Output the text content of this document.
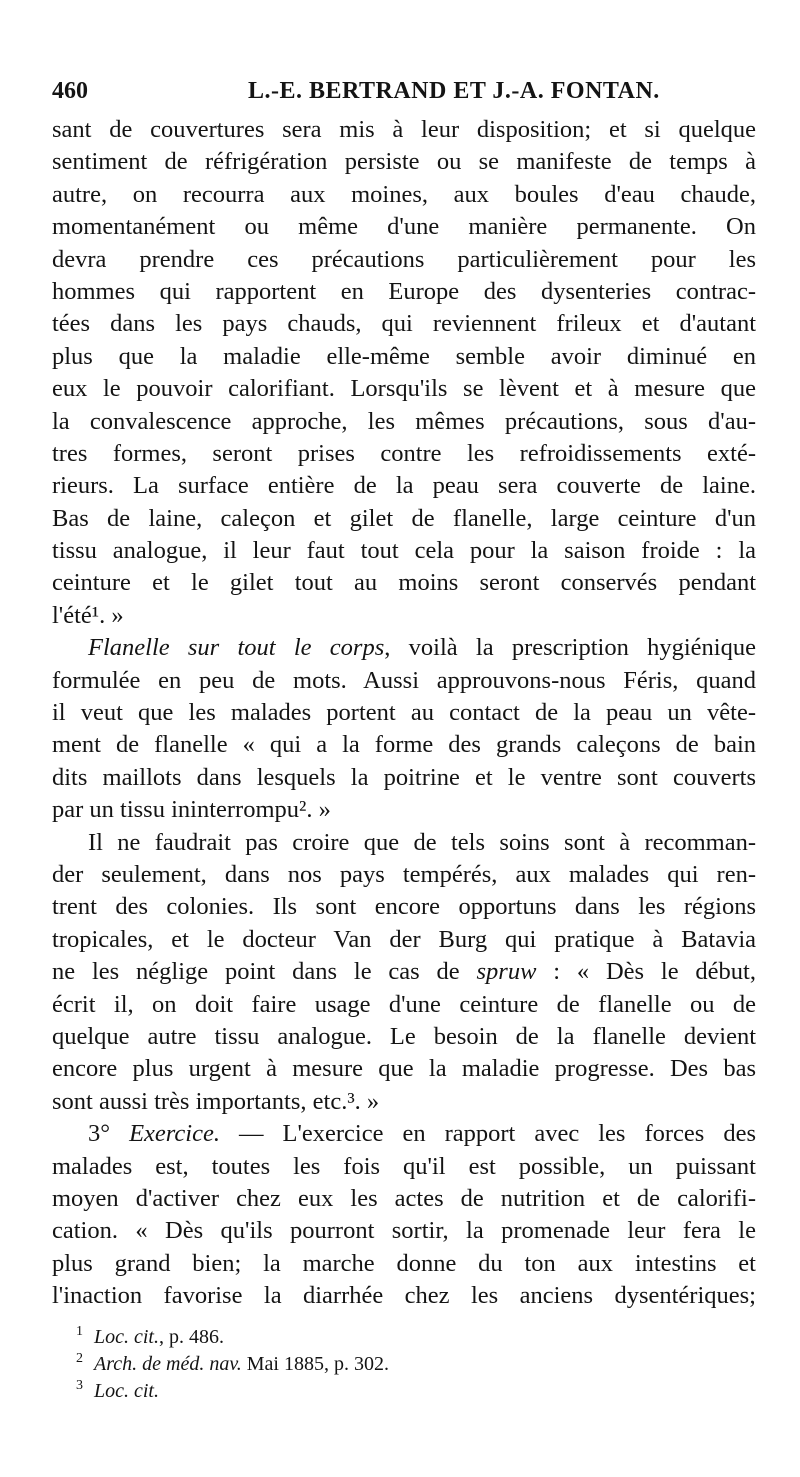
460	L.-E. BERTRAND ET J.-A. FONTAN.
sant de couvertures sera mis à leur disposition; et si quelque
sentiment de réfrigération persiste ou se manifeste de temps à
autre, on recourra aux moines, aux boules d'eau chaude,
momentanément ou même d'une manière permanente. On
devra prendre ces précautions particulièrement pour les
hommes qui rapportent en Europe des dysenteries contrac-
tées dans les pays chauds, qui reviennent frileux et d'autant
plus que la maladie elle-même semble avoir diminué en
eux le pouvoir calorifiant. Lorsqu'ils se lèvent et à mesure que
la convalescence approche, les mêmes précautions, sous d'au-
tres formes, seront prises contre les refroidissements exté-
rieurs. La surface entière de la peau sera couverte de laine.
Bas de laine, caleçon et gilet de flanelle, large ceinture d'un
tissu analogue, il leur faut tout cela pour la saison froide : la
ceinture et le gilet tout au moins seront conservés pendant
l'été¹. »
Flanelle sur tout le corps, voilà la prescription hygiénique
formulée en peu de mots. Aussi approuvons-nous Féris, quand
il veut que les malades portent au contact de la peau un vête-
ment de flanelle « qui a la forme des grands caleçons de bain
dits maillots dans lesquels la poitrine et le ventre sont couverts
par un tissu ininterrompu². »
Il ne faudrait pas croire que de tels soins sont à recomman-
der seulement, dans nos pays tempérés, aux malades qui ren-
trent des colonies. Ils sont encore opportuns dans les régions
tropicales, et le docteur Van der Burg qui pratique à Batavia
ne les néglige point dans le cas de spruw : « Dès le début,
écrit il, on doit faire usage d'une ceinture de flanelle ou de
quelque autre tissu analogue. Le besoin de la flanelle devient
encore plus urgent à mesure que la maladie progresse. Des bas
sont aussi très importants, etc.³. »
3° Exercice. — L'exercice en rapport avec les forces des
malades est, toutes les fois qu'il est possible, un puissant
moyen d'activer chez eux les actes de nutrition et de calorifi-
cation. « Dès qu'ils pourront sortir, la promenade leur fera le
plus grand bien; la marche donne du ton aux intestins et
l'inaction favorise la diarrhée chez les anciens dysentériques;
1 Loc. cit., p. 486.
2 Arch. de méd. nav. Mai 1885, p. 302.
3 Loc. cit.
